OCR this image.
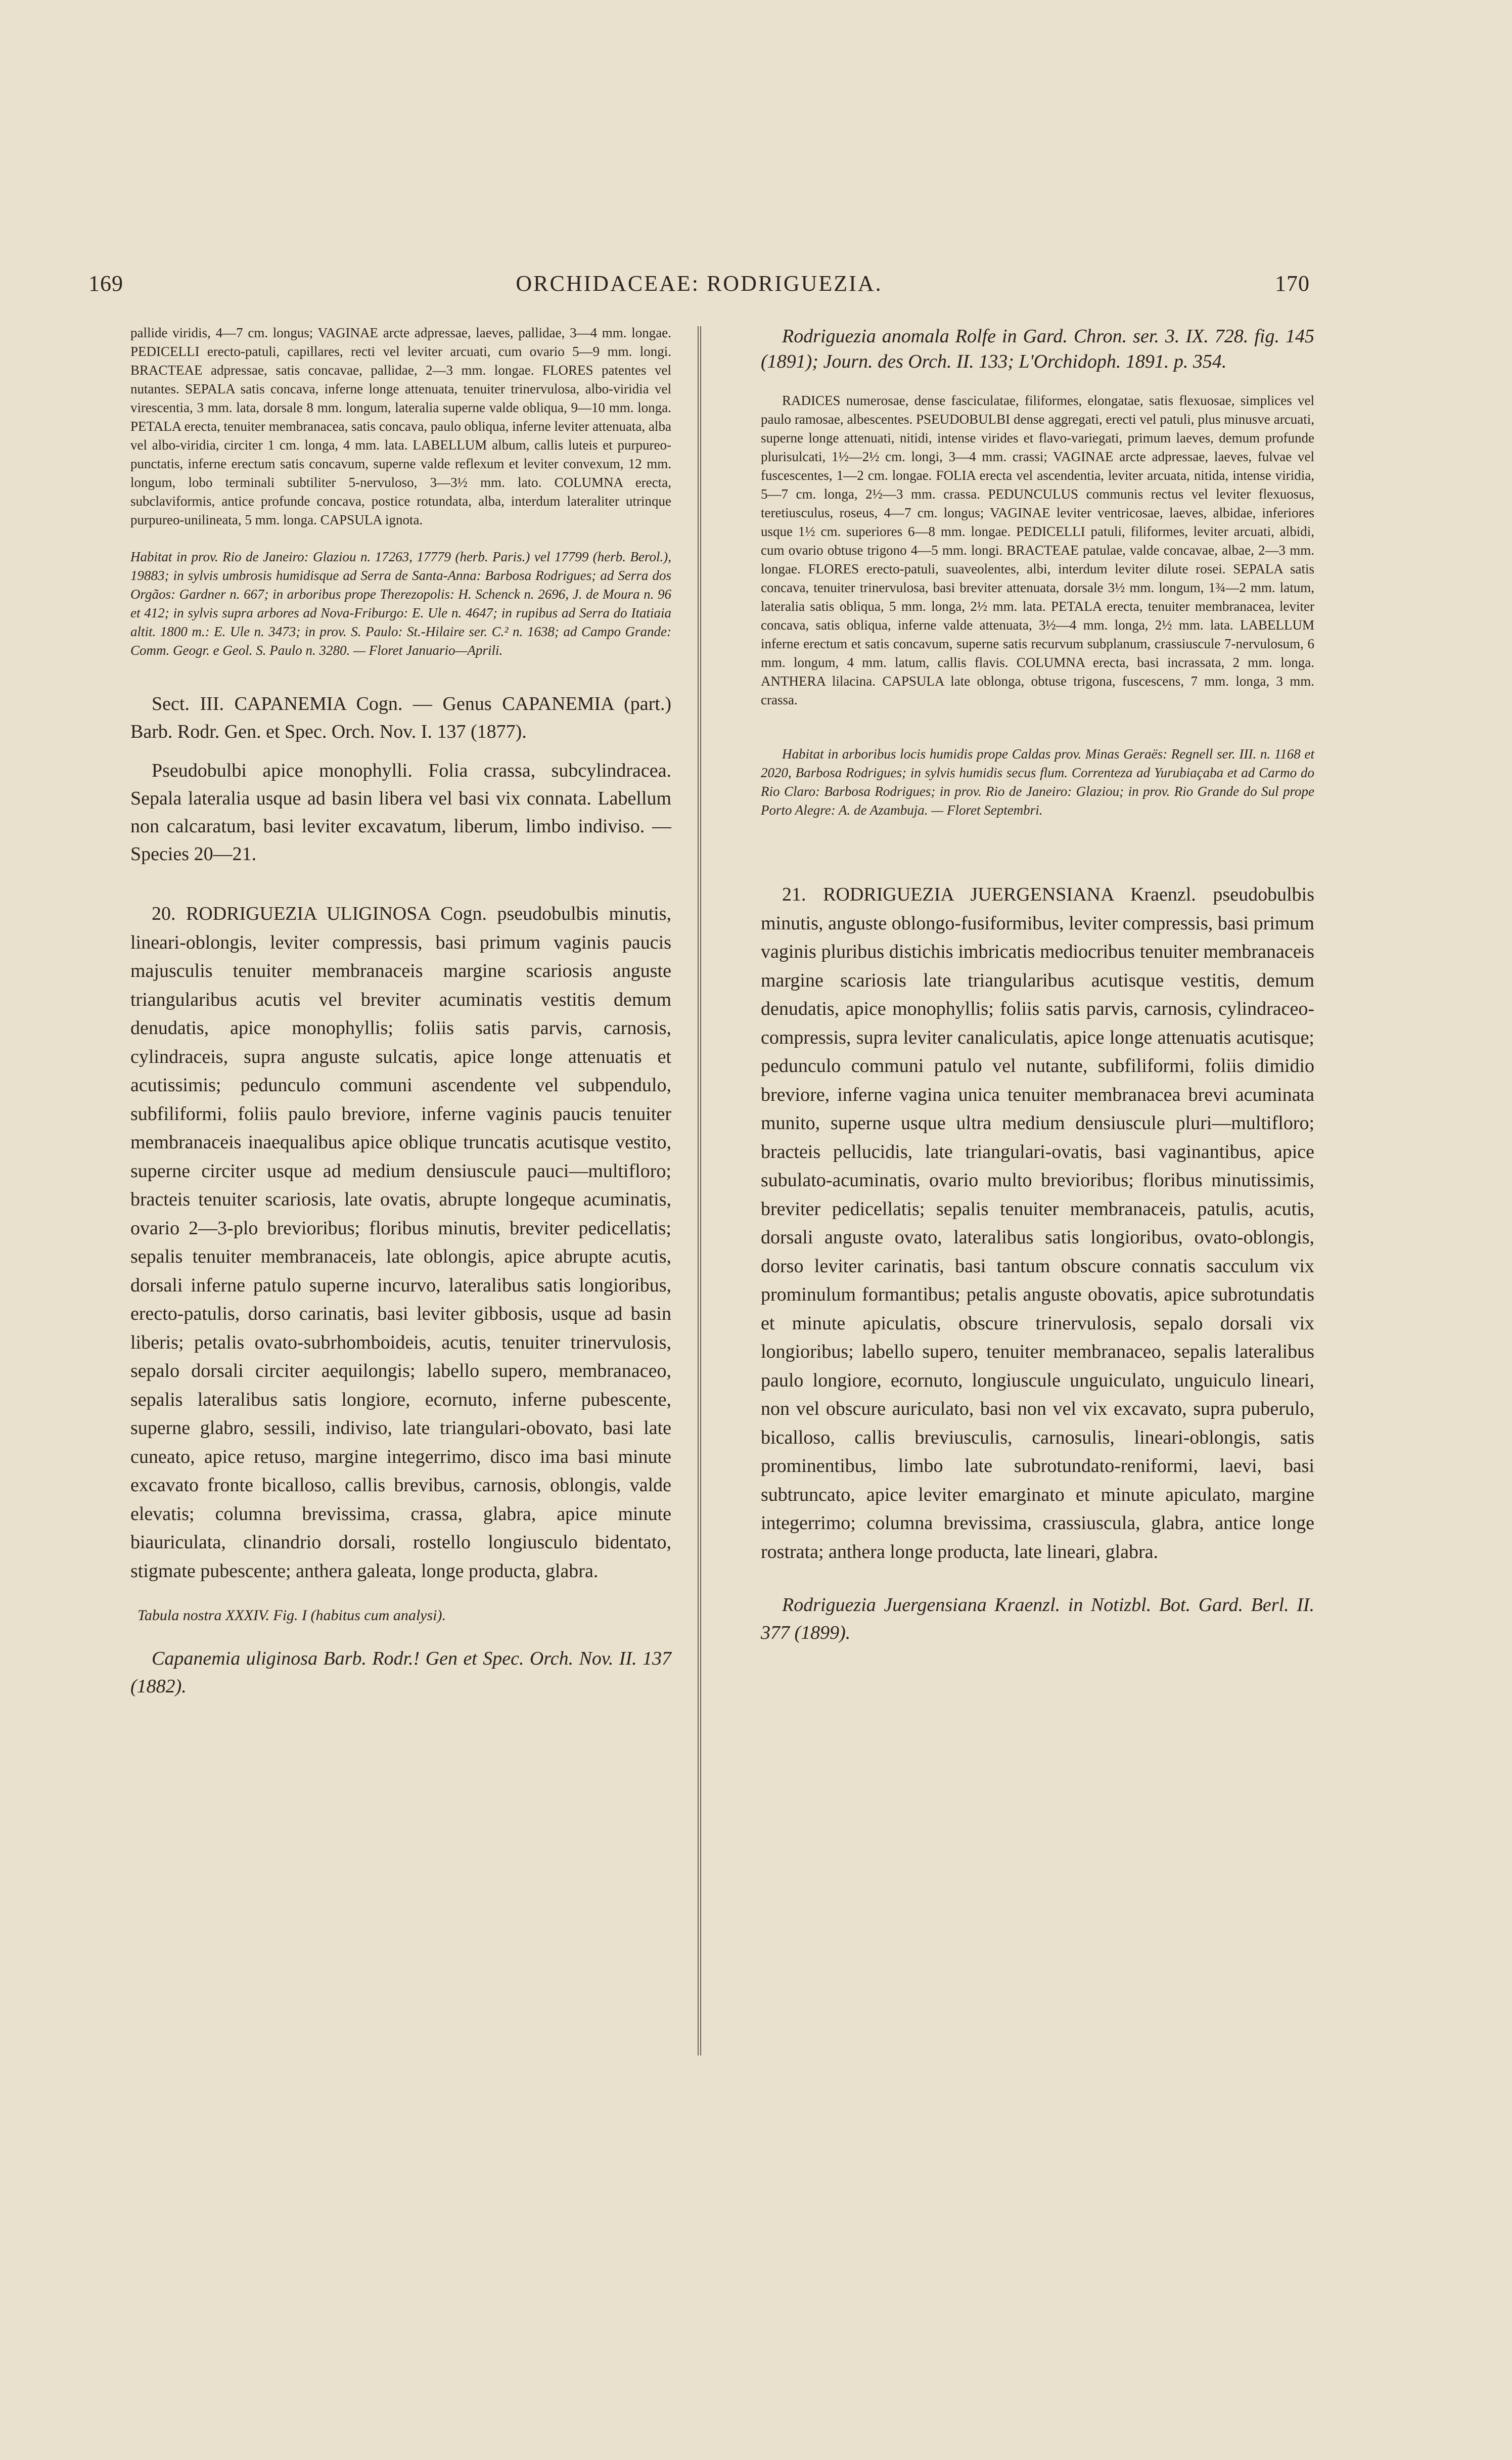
169	ORCHIDACEAE: RODRIGUEZIA.	170

pallide viridis, 4—7 cm. longus; VAGINAE arcte adpressae, laeves, pallidae, 3—4 mm. longae. PEDICELLI erecto-patuli, capillares, recti vel leviter arcuati, cum ovario 5—9 mm. longi. BRACTEAE adpressae, satis concavae, pallidae, 2—3 mm. longae. FLORES patentes vel nutantes. SEPALA satis concava, inferne longe attenuata, tenuiter trinervulosa, albo-viridia vel virescentia, 3 mm. lata, dorsale 8 mm. longum, lateralia superne valde obliqua, 9—10 mm. longa. PETALA erecta, tenuiter membranacea, satis concava, paulo obliqua, inferne leviter attenuata, alba vel albo-viridia, circiter 1 cm. longa, 4 mm. lata. LABELLUM album, callis luteis et purpureo-punctatis, inferne erectum satis concavum, superne valde reflexum et leviter convexum, 12 mm. longum, lobo terminali subtiliter 5-nervuloso, 3—3½ mm. lato. COLUMNA erecta, subclaviformis, antice profunde concava, postice rotundata, alba, interdum lateraliter utrinque purpureo-unilineata, 5 mm. longa. CAPSULA ignota.

Habitat in prov. Rio de Janeiro: Glaziou n. 17263, 17779 (herb. Paris.) vel 17799 (herb. Berol.), 19883; in sylvis umbrosis humidisque ad Serra de Santa-Anna: Barbosa Rodrigues; ad Serra dos Orgãos: Gardner n. 667; in arboribus prope Therezopolis: H. Schenck n. 2696, J. de Moura n. 96 et 412; in sylvis supra arbores ad Nova-Friburgo: E. Ule n. 4647; in rupibus ad Serra do Itatiaia altit. 1800 m.: E. Ule n. 3473; in prov. S. Paulo: St.-Hilaire ser. C.² n. 1638; ad Campo Grande: Comm. Geogr. e Geol. S. Paulo n. 3280. — Floret Januario—Aprili.

Sect. III. CAPANEMIA Cogn. — Genus CAPANEMIA (part.) Barb. Rodr. Gen. et Spec. Orch. Nov. I. 137 (1877).

Pseudobulbi apice monophylli. Folia crassa, subcylindracea. Sepala lateralia usque ad basin libera vel basi vix connata. Labellum non calcaratum, basi leviter excavatum, liberum, limbo indiviso. — Species 20—21.

20. RODRIGUEZIA ULIGINOSA Cogn. pseudobulbis minutis, lineari-oblongis, leviter compressis, basi primum vaginis paucis majusculis tenuiter membranaceis margine scariosis anguste triangularibus acutis vel breviter acuminatis vestitis demum denudatis, apice monophyllis; foliis satis parvis, carnosis, cylindraceis, supra anguste sulcatis, apice longe attenuatis et acutissimis; pedunculo communi ascendente vel subpendulo, subfiliformi, foliis paulo breviore, inferne vaginis paucis tenuiter membranaceis inaequalibus apice oblique truncatis acutisque vestito, superne circiter usque ad medium densiuscule pauci—multifloro; bracteis tenuiter scariosis, late ovatis, abrupte longeque acuminatis, ovario 2—3-plo brevioribus; floribus minutis, breviter pedicellatis; sepalis tenuiter membranaceis, late oblongis, apice abrupte acutis, dorsali inferne patulo superne incurvo, lateralibus satis longioribus, erecto-patulis, dorso carinatis, basi leviter gibbosis, usque ad basin liberis; petalis ovato-subrhomboideis, acutis, tenuiter trinervulosis, sepalo dorsali circiter aequilongis; labello supero, membranaceo, sepalis lateralibus satis longiore, ecornuto, inferne pubescente, superne glabro, sessili, indiviso, late triangulari-obovato, basi late cuneato, apice retuso, margine integerrimo, disco ima basi minute excavato fronte bicalloso, callis brevibus, carnosis, oblongis, valde elevatis; columna brevissima, crassa, glabra, apice minute biauriculata, clinandrio dorsali, rostello longiusculo bidentato, stigmate pubescente; anthera galeata, longe producta, glabra.

Tabula nostra XXXIV. Fig. I (habitus cum analysi).

Capanemia uliginosa Barb. Rodr.! Gen et Spec. Orch. Nov. II. 137 (1882).

Rodriguezia anomala Rolfe in Gard. Chron. ser. 3. IX. 728. fig. 145 (1891); Journ. des Orch. II. 133; L'Orchidoph. 1891. p. 354.

RADICES numerosae, dense fasciculatae, filiformes, elongatae, satis flexuosae, simplices vel paulo ramosae, albescentes. PSEUDOBULBI dense aggregati, erecti vel patuli, plus minusve arcuati, superne longe attenuati, nitidi, intense virides et flavo-variegati, primum laeves, demum profunde plurisulcati, 1½—2½ cm. longi, 3—4 mm. crassi; VAGINAE arcte adpressae, laeves, fulvae vel fuscescentes, 1—2 cm. longae. FOLIA erecta vel ascendentia, leviter arcuata, nitida, intense viridia, 5—7 cm. longa, 2½—3 mm. crassa. PEDUNCULUS communis rectus vel leviter flexuosus, teretiusculus, roseus, 4—7 cm. longus; VAGINAE leviter ventricosae, laeves, albidae, inferiores usque 1½ cm. superiores 6—8 mm. longae. PEDICELLI patuli, filiformes, leviter arcuati, albidi, cum ovario obtuse trigono 4—5 mm. longi. BRACTEAE patulae, valde concavae, albae, 2—3 mm. longae. FLORES erecto-patuli, suaveolentes, albi, interdum leviter dilute rosei. SEPALA satis concava, tenuiter trinervulosa, basi breviter attenuata, dorsale 3½ mm. longum, 1¾—2 mm. latum, lateralia satis obliqua, 5 mm. longa, 2½ mm. lata. PETALA erecta, tenuiter membranacea, leviter concava, satis obliqua, inferne valde attenuata, 3½—4 mm. longa, 2½ mm. lata. LABELLUM inferne erectum et satis concavum, superne satis recurvum subplanum, crassiusculе 7-nervulosum, 6 mm. longum, 4 mm. latum, callis flavis. COLUMNA erecta, basi incrassata, 2 mm. longa. ANTHERA lilacina. CAPSULA late oblonga, obtuse trigona, fuscescens, 7 mm. longa, 3 mm. crassa.

Habitat in arboribus locis humidis prope Caldas prov. Minas Geraës: Regnell ser. III. n. 1168 et 2020, Barbosa Rodrigues; in sylvis humidis secus flum. Correnteza ad Yurubiaçaba et ad Carmo do Rio Claro: Barbosa Rodrigues; in prov. Rio de Janeiro: Glaziou; in prov. Rio Grande do Sul prope Porto Alegre: A. de Azambuja. — Floret Septembri.

21. RODRIGUEZIA JUERGENSIANA Kraenzl. pseudobulbis minutis, anguste oblongo-fusiformibus, leviter compressis, basi primum vaginis pluribus distichis imbricatis mediocribus tenuiter membranaceis margine scariosis late triangularibus acutisque vestitis, demum denudatis, apice monophyllis; foliis satis parvis, carnosis, cylindraceo-compressis, supra leviter canaliculatis, apice longe attenuatis acutisque; pedunculo communi patulo vel nutante, subfiliformi, foliis dimidio breviore, inferne vagina unica tenuiter membranacea brevi acuminata munito, superne usque ultra medium densiuscule pluri—multifloro; bracteis pellucidis, late triangulari-ovatis, basi vaginantibus, apice subulato-acuminatis, ovario multo brevioribus; floribus minutissimis, breviter pedicellatis; sepalis tenuiter membranaceis, patulis, acutis, dorsali anguste ovato, lateralibus satis longioribus, ovato-oblongis, dorso leviter carinatis, basi tantum obscure connatis sacculum vix prominulum formantibus; petalis anguste obovatis, apice subrotundatis et minute apiculatis, obscure trinervulosis, sepalo dorsali vix longioribus; labello supero, tenuiter membranaceo, sepalis lateralibus paulo longiore, ecornuto, longiuscule unguiculato, unguiculo lineari, non vel obscure auriculato, basi non vel vix excavato, supra puberulo, bicalloso, callis breviusculis, carnosulis, lineari-oblongis, satis prominentibus, limbo late subrotundato-reniformi, laevi, basi subtruncato, apice leviter emarginato et minute apiculato, margine integerrimo; columna brevissima, crassiuscula, glabra, antice longe rostrata; anthera longe producta, late lineari, glabra.

Rodriguezia Juergensiana Kraenzl. in Notizbl. Bot. Gard. Berl. II. 377 (1899).
